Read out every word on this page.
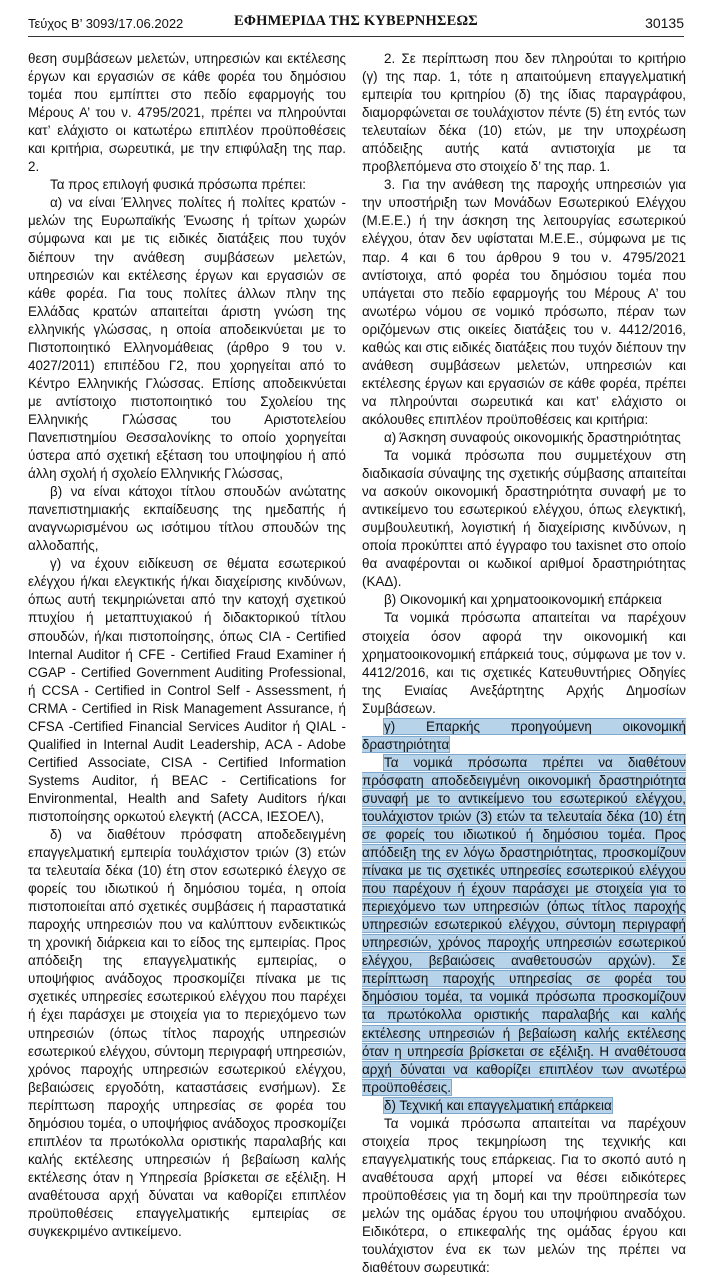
Τεύχος Β’ 3093/17.06.2022	ΕΦΗΜΕΡΙΔΑ ΤΗΣ ΚΥΒΕΡΝΗΣΕΩΣ	30135

θεση συμβάσεων μελετών, υπηρεσιών και εκτέλεσης έργων και εργασιών σε κάθε φορέα του δημόσιου τομέα που εμπίπτει στο πεδίο εφαρμογής του Μέρους Α’ του ν. 4795/2021, πρέπει να πληρούνται κατ’ ελάχιστο οι κατωτέρω επιπλέον προϋποθέσεις και κριτήρια, σωρευτικά, με την επιφύλαξη της παρ. 2.

Τα προς επιλογή φυσικά πρόσωπα πρέπει:

α) να είναι Έλληνες πολίτες ή πολίτες κρατών - μελών της Ευρωπαϊκής Ένωσης ή τρίτων χωρών σύμφωνα και με τις ειδικές διατάξεις που τυχόν διέπουν την ανάθεση συμβάσεων μελετών, υπηρεσιών και εκτέλεσης έργων και εργασιών σε κάθε φορέα. Για τους πολίτες άλλων πλην της Ελλάδας κρατών απαιτείται άριστη γνώση της ελληνικής γλώσσας, η οποία αποδεικνύεται με το Πιστοποιητικό Ελληνομάθειας (άρθρο 9 του ν. 4027/2011) επιπέδου Γ2, που χορηγείται από το Κέντρο Ελληνικής Γλώσσας. Επίσης αποδεικνύεται με αντίστοιχο πιστοποιητικό του Σχολείου της Ελληνικής Γλώσσας του Αριστοτελείου Πανεπιστημίου Θεσσαλονίκης το οποίο χορηγείται ύστερα από σχετική εξέταση του υποψηφίου ή από άλλη σχολή ή σχολείο Ελληνικής Γλώσσας,

β) να είναι κάτοχοι τίτλου σπουδών ανώτατης πανεπιστημιακής εκπαίδευσης της ημεδαπής ή αναγνωρισμένου ως ισότιμου τίτλου σπουδών της αλλοδαπής,

γ) να έχουν ειδίκευση σε θέματα εσωτερικού ελέγχου ή/και ελεγκτικής ή/και διαχείρισης κινδύνων, όπως αυτή τεκμηριώνεται από την κατοχή σχετικού πτυχίου ή μεταπτυχιακού ή διδακτορικού τίτλου σπουδών, ή/και πιστοποίησης, όπως CIA - Certified Internal Auditor ή CFE - Certified Fraud Examiner ή CGAP - Certified Government Auditing Professional, ή CCSA - Certified in Control Self - Assessment, ή CRMA - Certified in Risk Management Assurance, ή CFSA -Certified Financial Services Auditor ή QIAL - Qualified in Internal Audit Leadership, ACA - Adobe Certified Associate, CISA - Certified Information Systems Auditor, ή BEAC - Certifications for Environmental, Health and Safety Auditors ή/και πιστοποίησης ορκωτού ελεγκτή (ACCA, ΙΕΣΟΕΛ),

δ) να διαθέτουν πρόσφατη αποδεδειγμένη επαγγελματική εμπειρία τουλάχιστον τριών (3) ετών τα τελευταία δέκα (10) έτη στον εσωτερικό έλεγχο σε φορείς του ιδιωτικού ή δημόσιου τομέα, η οποία πιστοποιείται από σχετικές συμβάσεις ή παραστατικά παροχής υπηρεσιών που να καλύπτουν ενδεικτικώς τη χρονική διάρκεια και το είδος της εμπειρίας. Προς απόδειξη της επαγγελματικής εμπειρίας, ο υποψήφιος ανάδοχος προσκομίζει πίνακα με τις σχετικές υπηρεσίες εσωτερικού ελέγχου που παρέχει ή έχει παράσχει με στοιχεία για το περιεχόμενο των υπηρεσιών (όπως τίτλος παροχής υπηρεσιών εσωτερικού ελέγχου, σύντομη περιγραφή υπηρεσιών, χρόνος παροχής υπηρεσιών εσωτερικού ελέγχου, βεβαιώσεις εργοδότη, καταστάσεις ενσήμων). Σε περίπτωση παροχής υπηρεσίας σε φορέα του δημόσιου τομέα, ο υποψήφιος ανάδοχος προσκομίζει επιπλέον τα πρωτόκολλα οριστικής παραλαβής και καλής εκτέλεσης υπηρεσιών ή βεβαίωση καλής εκτέλεσης όταν η Υπηρεσία βρίσκεται σε εξέλιξη. Η αναθέτουσα αρχή δύναται να καθορίζει επιπλέον προϋποθέσεις επαγγελματικής εμπειρίας σε συγκεκριμένο αντικείμενο.

2. Σε περίπτωση που δεν πληρούται το κριτήριο (γ) της παρ. 1, τότε η απαιτούμενη επαγγελματική εμπειρία του κριτηρίου (δ) της ίδιας παραγράφου, διαμορφώνεται σε τουλάχιστον πέντε (5) έτη εντός των τελευταίων δέκα (10) ετών, με την υποχρέωση απόδειξης αυτής κατά αντιστοιχία με τα προβλεπόμενα στο στοιχείο δ’ της παρ. 1.

3. Για την ανάθεση της παροχής υπηρεσιών για την υποστήριξη των Μονάδων Εσωτερικού Ελέγχου (Μ.Ε.Ε.) ή την άσκηση της λειτουργίας εσωτερικού ελέγχου, όταν δεν υφίσταται Μ.Ε.Ε., σύμφωνα με τις παρ. 4 και 6 του άρθρου 9 του ν. 4795/2021 αντίστοιχα, από φορέα του δημόσιου τομέα που υπάγεται στο πεδίο εφαρμογής του Μέρους Α’ του ανωτέρω νόμου σε νομικό πρόσωπο, πέραν των οριζόμενων στις οικείες διατάξεις του ν. 4412/2016, καθώς και στις ειδικές διατάξεις που τυχόν διέπουν την ανάθεση συμβάσεων μελετών, υπηρεσιών και εκτέλεσης έργων και εργασιών σε κάθε φορέα, πρέπει να πληρούνται σωρευτικά και κατ’ ελάχιστο οι ακόλουθες επιπλέον προϋποθέσεις και κριτήρια:

α) Άσκηση συναφούς οικονομικής δραστηριότητας

Τα νομικά πρόσωπα που συμμετέχουν στη διαδικασία σύναψης της σχετικής σύμβασης απαιτείται να ασκούν οικονομική δραστηριότητα συναφή με το αντικείμενο του εσωτερικού ελέγχου, όπως ελεγκτική, συμβουλευτική, λογιστική ή διαχείρισης κινδύνων, η οποία προκύπτει από έγγραφο του taxisnet στο οποίο θα αναφέρονται οι κωδικοί αριθμοί δραστηριότητας (ΚΑΔ).

β) Οικονομική και χρηματοοικονομική επάρκεια

Τα νομικά πρόσωπα απαιτείται να παρέχουν στοιχεία όσον αφορά την οικονομική και χρηματοοικονομική επάρκειά τους, σύμφωνα με τον ν. 4412/2016, και τις σχετικές Κατευθυντήριες Οδηγίες της Ενιαίας Ανεξάρτητης Αρχής Δημοσίων Συμβάσεων.

γ) Επαρκής προηγούμενη οικονομική δραστηριότητα

Τα νομικά πρόσωπα πρέπει να διαθέτουν πρόσφατη αποδεδειγμένη οικονομική δραστηριότητα συναφή με το αντικείμενο του εσωτερικού ελέγχου, τουλάχιστον τριών (3) ετών τα τελευταία δέκα (10) έτη σε φορείς του ιδιωτικού ή δημόσιου τομέα. Προς απόδειξη της εν λόγω δραστηριότητας, προσκομίζουν πίνακα με τις σχετικές υπηρεσίες εσωτερικού ελέγχου που παρέχουν ή έχουν παράσχει με στοιχεία για το περιεχόμενο των υπηρεσιών (όπως τίτλος παροχής υπηρεσιών εσωτερικού ελέγχου, σύντομη περιγραφή υπηρεσιών, χρόνος παροχής υπηρεσιών εσωτερικού ελέγχου, βεβαιώσεις αναθετουσών αρχών). Σε περίπτωση παροχής υπηρεσίας σε φορέα του δημόσιου τομέα, τα νομικά πρόσωπα προσκομίζουν τα πρωτόκολλα οριστικής παραλαβής και καλής εκτέλεσης υπηρεσιών ή βεβαίωση καλής εκτέλεσης όταν η υπηρεσία βρίσκεται σε εξέλιξη. Η αναθέτουσα αρχή δύναται να καθορίζει επιπλέον των ανωτέρω προϋποθέσεις.

δ) Τεχνική και επαγγελματική επάρκεια

Τα νομικά πρόσωπα απαιτείται να παρέχουν στοιχεία προς τεκμηρίωση της τεχνικής και επαγγελματικής τους επάρκειας. Για το σκοπό αυτό η αναθέτουσα αρχή μπορεί να θέσει ειδικότερες προϋποθέσεις για τη δομή και την προϋπηρεσία των μελών της ομάδας έργου του υποψήφιου αναδόχου. Ειδικότερα, ο επικεφαλής της ομάδας έργου και τουλάχιστον ένα εκ των μελών της πρέπει να διαθέτουν σωρευτικά:
